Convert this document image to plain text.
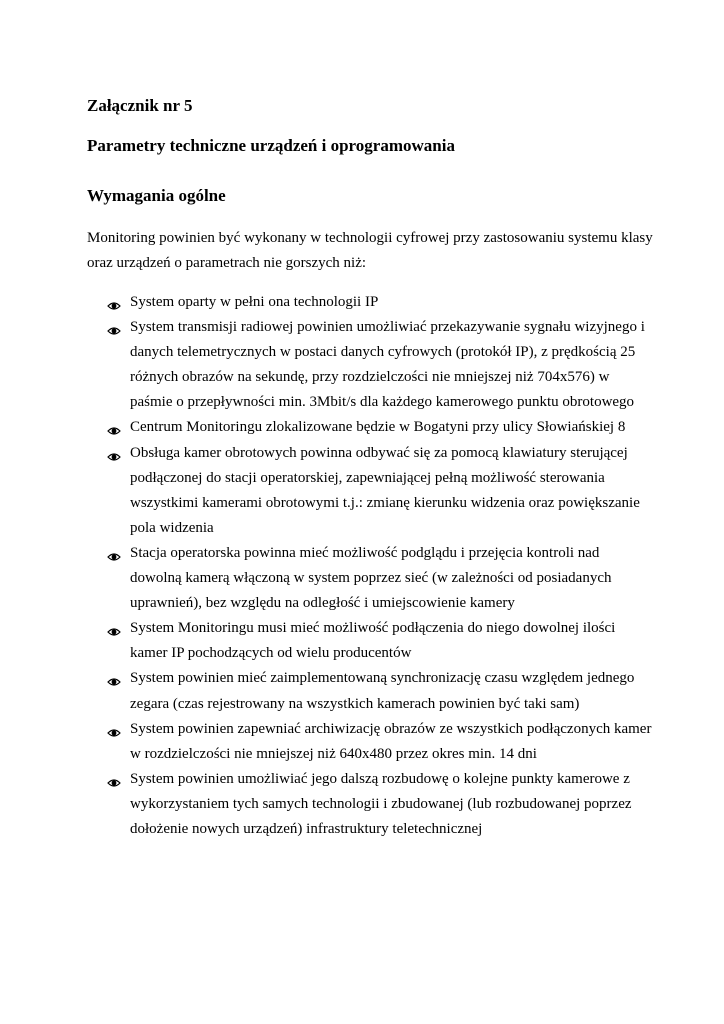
Załącznik nr 5
Parametry techniczne urządzeń i oprogramowania
Wymagania ogólne

Monitoring powinien być wykonany w technologii cyfrowej przy zastosowaniu systemu klasy
oraz urządzeń o parametrach nie gorszych niż:

System oparty w pełni ona technologii IP
System transmisji radiowej powinien umożliwiać przekazywanie sygnału wizyjnego i
danych telemetrycznych w postaci danych cyfrowych (protokół IP), z prędkością 25
różnych obrazów na sekundę, przy rozdzielczości nie mniejszej niż 704x576) w
paśmie o przepływności min. 3Mbit/s dla każdego kamerowego punktu obrotowego
Centrum Monitoringu zlokalizowane będzie w Bogatyni przy ulicy Słowiańskiej 8
Obsługa kamer obrotowych powinna odbywać się za pomocą klawiatury sterującej
podłączonej do stacji operatorskiej, zapewniającej pełną możliwość sterowania
wszystkimi kamerami obrotowymi t.j.: zmianę kierunku widzenia oraz powiększanie
pola widzenia
Stacja operatorska powinna mieć możliwość podglądu i przejęcia kontroli nad
dowolną kamerą włączoną w system poprzez sieć (w zależności od posiadanych
uprawnień), bez względu na odległość i umiejscowienie kamery
System Monitoringu musi mieć możliwość podłączenia do niego dowolnej ilości
kamer IP pochodzących od wielu producentów
System powinien mieć zaimplementowaną synchronizację czasu względem jednego
zegara (czas rejestrowany na wszystkich kamerach powinien być taki sam)
System powinien zapewniać archiwizację obrazów ze wszystkich podłączonych kamer
w rozdzielczości nie mniejszej niż 640x480 przez okres min. 14 dni
System powinien umożliwiać jego dalszą rozbudowę o kolejne punkty kamerowe z
wykorzystaniem tych samych technologii i zbudowanej (lub rozbudowanej poprzez
dołożenie nowych urządzeń) infrastruktury teletechnicznej
